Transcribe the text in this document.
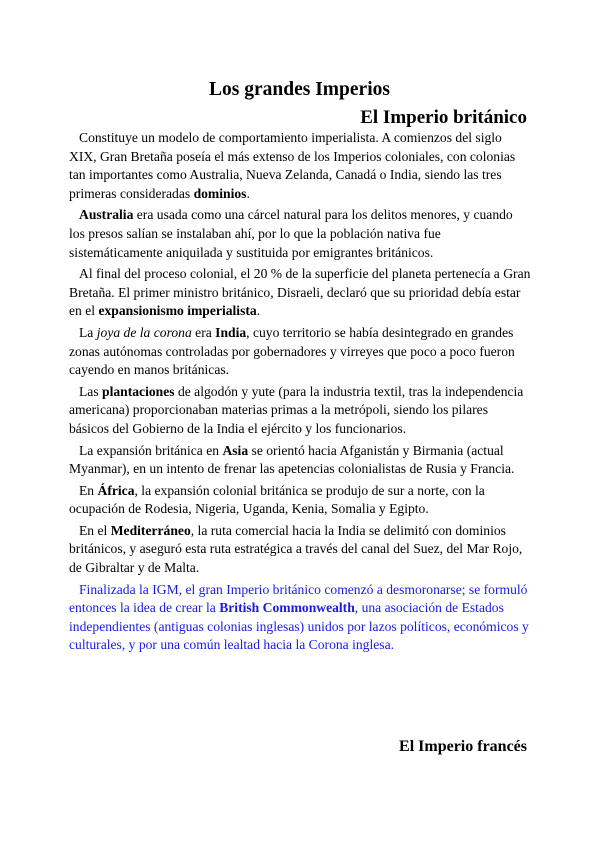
Los grandes Imperios
El Imperio británico

Constituye un modelo de comportamiento imperialista. A comienzos del siglo XIX, Gran Bretaña poseía el más extenso de los Imperios coloniales, con colonias tan importantes como Australia, Nueva Zelanda, Canadá o India, siendo las tres primeras consideradas dominios.

Australia era usada como una cárcel natural para los delitos menores, y cuando los presos salían se instalaban ahí, por lo que la población nativa fue sistemáticamente aniquilada y sustituida por emigrantes británicos.

Al final del proceso colonial, el 20 % de la superficie del planeta pertenecía a Gran Bretaña. El primer ministro británico, Disraeli, declaró que su prioridad debía estar en el expansionismo imperialista.

La joya de la corona era India, cuyo territorio se había desintegrado en grandes zonas autónomas controladas por gobernadores y virreyes que poco a poco fueron cayendo en manos británicas.

Las plantaciones de algodón y yute (para la industria textil, tras la independencia americana) proporcionaban materias primas a la metrópoli, siendo los pilares básicos del Gobierno de la India el ejército y los funcionarios.

La expansión británica en Asia se orientó hacia Afganistán y Birmania (actual Myanmar), en un intento de frenar las apetencias colonialistas de Rusia y Francia.

En África, la expansión colonial británica se produjo de sur a norte, con la ocupación de Rodesia, Nigeria, Uganda, Kenia, Somalia y Egipto.

En el Mediterráneo, la ruta comercial hacia la India se delimitó con dominios británicos, y aseguró esta ruta estratégica a través del canal del Suez, del Mar Rojo, de Gibraltar y de Malta.

Finalizada la IGM, el gran Imperio británico comenzó a desmoronarse; se formuló entonces la idea de crear la British Commonwealth, una asociación de Estados independientes (antiguas colonias inglesas) unidos por lazos políticos, económicos y culturales, y por una común lealtad hacia la Corona inglesa.

El Imperio francés
